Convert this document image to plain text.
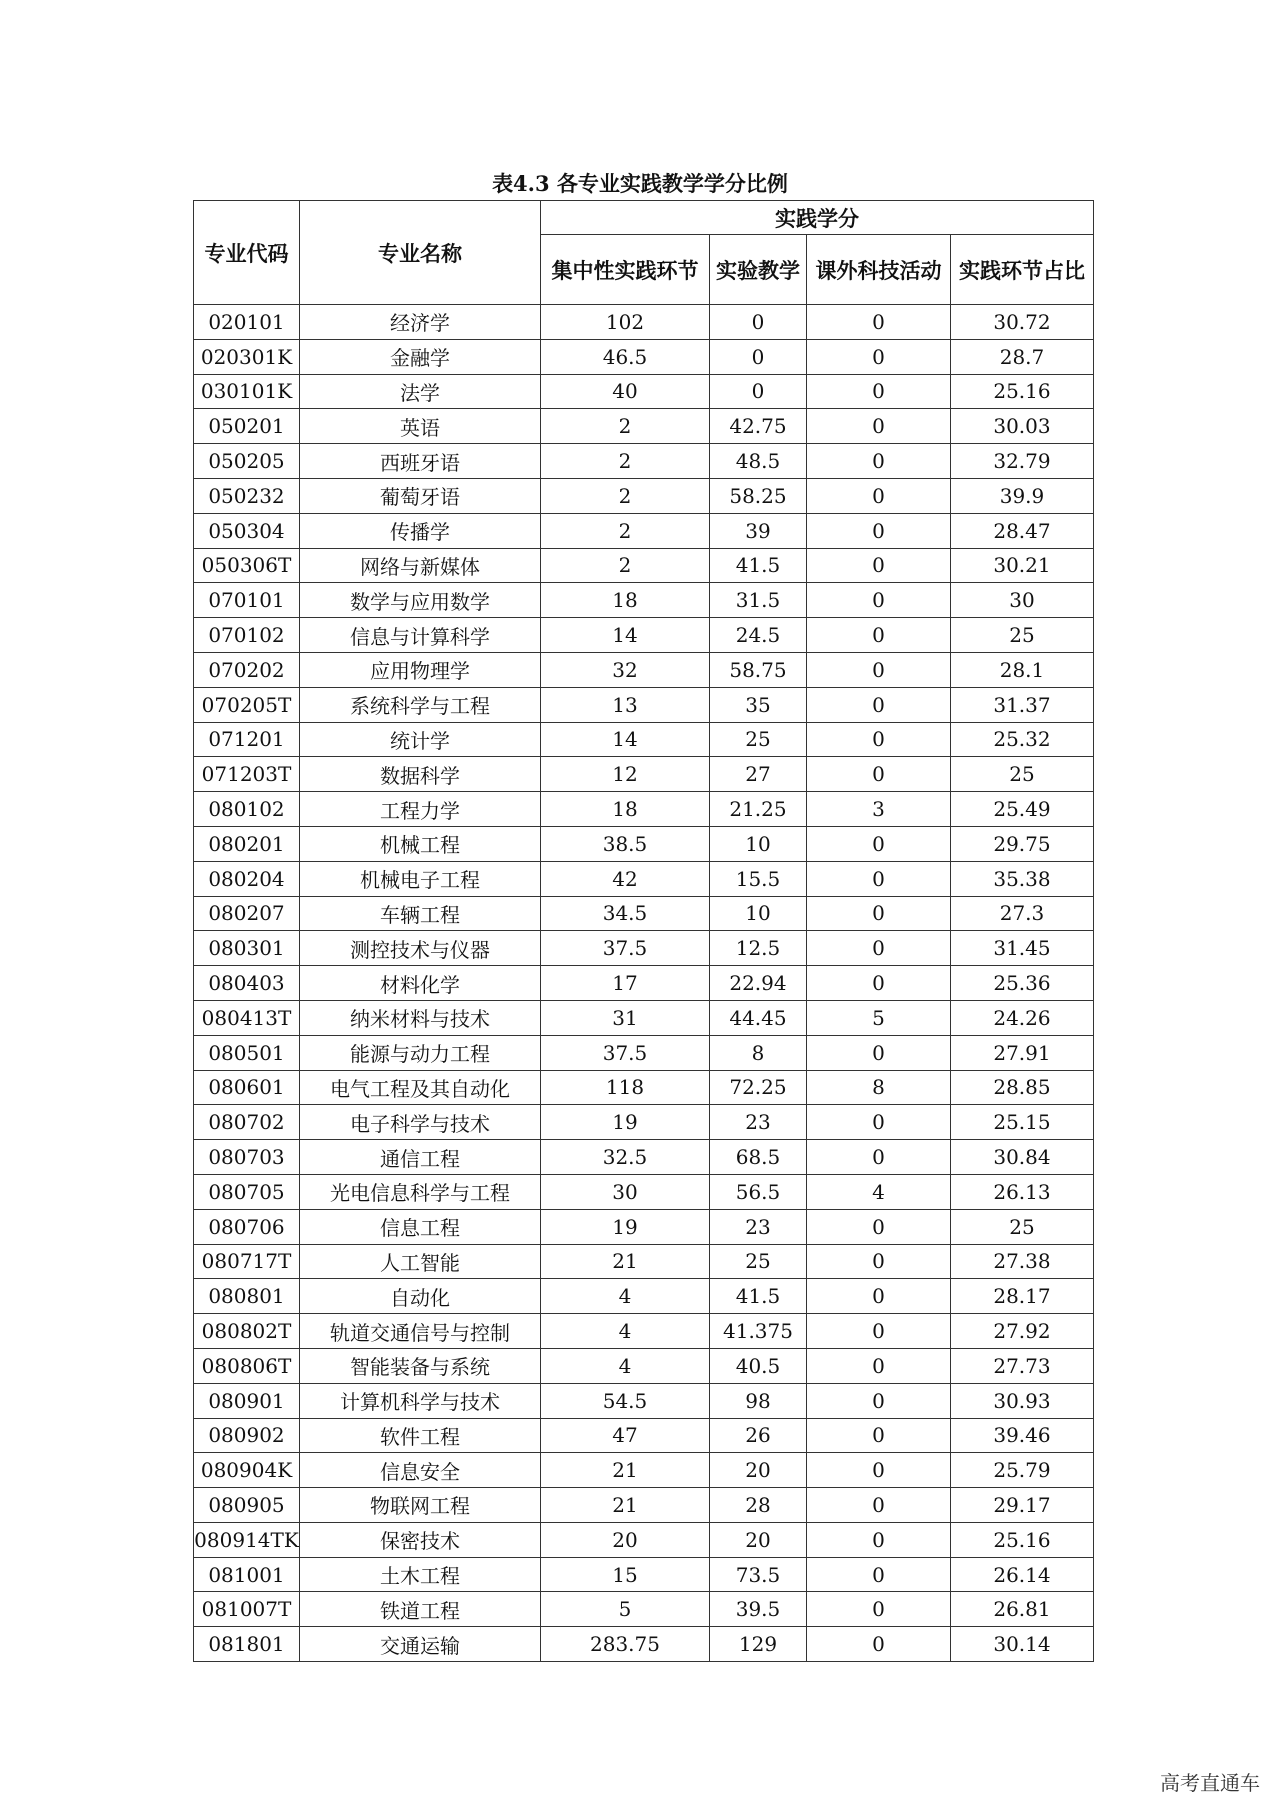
表4.3 各专业实践教学学分比例
专业代码	专业名称	实践学分			
		集中性实践环节	实验教学	课外科技活动	实践环节占比
020101	经济学	102	0	0	30.72
020301K	金融学	46.5	0	0	28.7
030101K	法学	40	0	0	25.16
050201	英语	2	42.75	0	30.03
050205	西班牙语	2	48.5	0	32.79
050232	葡萄牙语	2	58.25	0	39.9
050304	传播学	2	39	0	28.47
050306T	网络与新媒体	2	41.5	0	30.21
070101	数学与应用数学	18	31.5	0	30
070102	信息与计算科学	14	24.5	0	25
070202	应用物理学	32	58.75	0	28.1
070205T	系统科学与工程	13	35	0	31.37
071201	统计学	14	25	0	25.32
071203T	数据科学	12	27	0	25
080102	工程力学	18	21.25	3	25.49
080201	机械工程	38.5	10	0	29.75
080204	机械电子工程	42	15.5	0	35.38
080207	车辆工程	34.5	10	0	27.3
080301	测控技术与仪器	37.5	12.5	0	31.45
080403	材料化学	17	22.94	0	25.36
080413T	纳米材料与技术	31	44.45	5	24.26
080501	能源与动力工程	37.5	8	0	27.91
080601	电气工程及其自动化	118	72.25	8	28.85
080702	电子科学与技术	19	23	0	25.15
080703	通信工程	32.5	68.5	0	30.84
080705	光电信息科学与工程	30	56.5	4	26.13
080706	信息工程	19	23	0	25
080717T	人工智能	21	25	0	27.38
080801	自动化	4	41.5	0	28.17
080802T	轨道交通信号与控制	4	41.375	0	27.92
080806T	智能装备与系统	4	40.5	0	27.73
080901	计算机科学与技术	54.5	98	0	30.93
080902	软件工程	47	26	0	39.46
080904K	信息安全	21	20	0	25.79
080905	物联网工程	21	28	0	29.17
080914TK	保密技术	20	20	0	25.16
081001	土木工程	15	73.5	0	26.14
081007T	铁道工程	5	39.5	0	26.81
081801	交通运输	283.75	129	0	30.14
高考直通车
